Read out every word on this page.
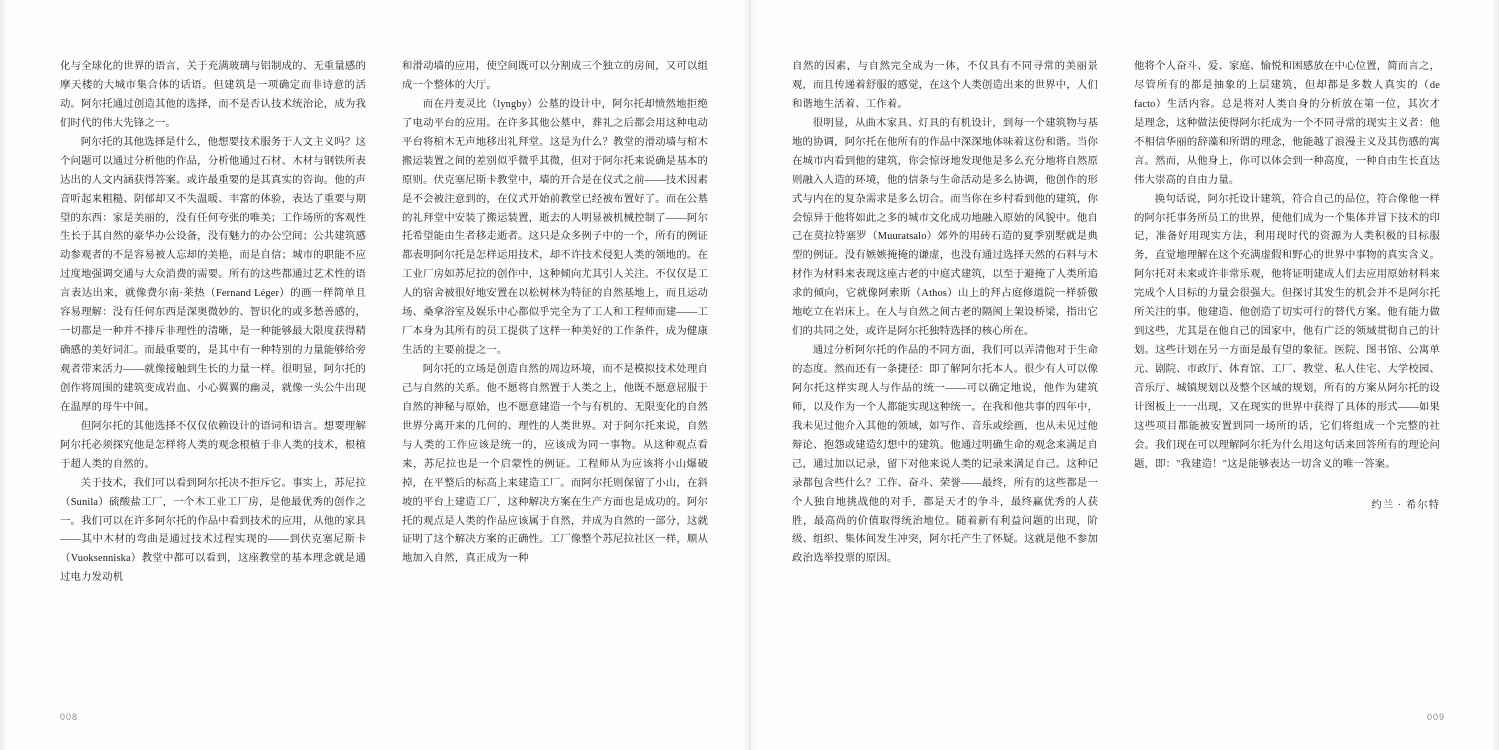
化与全球化的世界的语言，关于充满玻璃与铝制成的、无重量感的摩天楼的大城市集合体的话语。但建筑是一项确定而非诗意的活动。阿尔托通过创造其他的选择，而不是否认技术统治论，成为我们时代的伟大先锋之一。

阿尔托的其他选择是什么，他想要技术服务于人文主义吗？这个问题可以通过分析他的作品，分析他通过石材、木材与钢铁所表达出的人文内涵获得答案。或许最重要的是其真实的咨询。他的声音听起来粗糙、阴郁却又不失温暖、丰富的体验，表达了重要与期望的东西：家是美丽的，没有任何夸张的唯美；工作场所的客观性生长于其自然的豪华办公设备，没有魅力的办公空间；公共建筑感动参观者的不是容易被人忘却的美艳，而是自信；城市的职能不应过度地强调交通与大众消费的需要。所有的这些都通过艺术性的语言表达出来，就像费尔南·莱热（Fernand Léger）的画一样简单且容易理解：没有任何东西是深奥微妙的、智识化的或多愁善感的，一切都是一种并不排斥非理性的清晰，是一种能够最大限度获得精确感的美好词汇。而最重要的，是其中有一种特别的力量能够给旁观者带来活力——就像接触到生长的力量一样。很明显，阿尔托的创作将周围的建筑变成岩血、小心翼翼的幽灵，就像一头公牛出现在温厚的母牛中间。

但阿尔托的其他选择不仅仅依赖设计的语词和语言。想要理解阿尔托必须探究他是怎样将人类的观念根植于非人类的技术，根植于超人类的自然的。

关于技术，我们可以看到阿尔托决不拒斥它。事实上，苏尼拉（Sunila）硫酸盐工厂，一个木工业工厂房，是他最优秀的创作之一。我们可以在许多阿尔托的作品中看到技术的应用，从他的家具——其中木材的弯曲是通过技术过程实现的——到伏克塞尼斯卡（Vuoksenniska）教堂中都可以看到，这座教堂的基本理念就是通过电力发动机

和滑动墙的应用，使空间既可以分割成三个独立的房间，又可以组成一个整体的大厅。

而在丹麦灵比（lyngby）公墓的设计中，阿尔托却愤然地拒绝了电动平台的应用。在许多其他公墓中，葬礼之后都会用这种电动平台将棺木无声地移出礼拜堂。这是为什么？教堂的滑动墙与棺木搬运装置之间的差别似乎微乎其微，但对于阿尔托来说确是基本的原则。伏克塞尼斯卡教堂中，墙的开合是在仪式之前——技术因素是不会被注意到的，在仪式开始前教堂已经被布置好了。而在公墓的礼拜堂中安装了搬运装置，逝去的人明显被机械控制了——阿尔托希望能由生者移走逝者。这只是众多例子中的一个，所有的例证都表明阿尔托是怎样运用技术，却不许技术侵犯人类的领地的。在工业厂房如苏尼拉的创作中，这种倾向尤其引人关注。不仅仅是工人的宿舍被很好地安置在以松树林为特征的自然基地上，而且运动场、桑拿浴室及娱乐中心都似乎完全为了工人和工程师而建——工厂本身为其所有的员工提供了这样一种美好的工作条件，成为健康生活的主要前提之一。

阿尔托的立场是创造自然的周边环境，而不是模拟技术处理自己与自然的关系。他不愿将自然置于人类之上，他既不愿意屈服于自然的神秘与原始，也不愿意建造一个与有机的、无限变化的自然世界分离开来的几何的、理性的人类世界。对于阿尔托来说，自然与人类的工作应该是统一的，应该成为同一事物。从这种观点看来，苏尼拉也是一个启蒙性的例证。工程师从为应该将小山爆破掉，在平整后的标高上来建造工厂。而阿尔托则保留了小山，在斜坡的平台上建造工厂，这种解决方案在生产方面也是成功的。阿尔托的观点是人类的作品应该属于自然，并成为自然的一部分，这就证明了这个解决方案的正确性。工厂像整个苏尼拉社区一样，顺从地加入自然，真正成为一种

008

自然的因素，与自然完全成为一体，不仅具有不同寻常的美丽景观，而且传递着舒服的感觉，在这个人类创造出来的世界中，人们和谐地生活着、工作着。

很明显，从曲木家具、灯具的有机设计，到每一个建筑物与基地的协调，阿尔托在他所有的作品中深深地体味着这份和谐。当你在城市内看到他的建筑，你会惊讶地发现他是多么充分地将自然原则融入人造的环境，他的信条与生命活动是多么协调，他创作的形式与内在的复杂需求是多么切合。而当你在乡村看到他的建筑，你会惊异于他将如此之多的城市文化成功地融入原始的风貌中。他自己在莫拉特塞罗（Muuratsalo）郊外的用砖石造的夏季别墅就是典型的例证。没有嫉嫉掩掩的谦虚，也没有通过选择天然的石料与木材作为材料来表现这座古老的中庭式建筑，以至于避掩了人类所追求的倾向，它就像阿索斯（Athos）山上的拜占庭修道院一样骄傲地屹立在岩床上。在人与自然之间古老的隔阂上架设桥梁，指出它们的共同之处，或许是阿尔托独特选择的核心所在。

通过分析阿尔托的作品的不同方面，我们可以弄清他对于生命的态度。然而还有一条捷径：即了解阿尔托本人。很少有人可以像阿尔托这样实现人与作品的统一——可以确定地说，他作为建筑师，以及作为一个人都能实现这种统一。在我和他共事的四年中，我未见过他介入其他的领域，如写作、音乐或绘画，也从未见过他辩论、抱怨或建造幻想中的建筑。他通过明确生命的观念来满足自己，通过加以记录，留下对他来说人类的记录来满足自己。这种记录都包含些什么？工作、奋斗、荣誉——最终，所有的这些都是一个人独自地挑战他的对手，都是天才的争斗，最终赢优秀的人获胜，最高尚的价值取得统治地位。随着新有利益问题的出现，阶级、组织、集体间发生冲突，阿尔托产生了怀疑。这就是他不参加政治选举投票的原因。

他将个人奋斗、爱、家庭、愉悦和困感放在中心位置，简而言之，尽管所有的都是抽象的上层建筑，但却都是多数人真实的（de facto）生活内容。总是将对人类自身的分析放在第一位，其次才是理念，这种做法使得阿尔托成为一个不同寻常的现实主义者：他不相信华丽的辞藻和所谓的理念，他能越了浪漫主义及其伤感的寓言。然而，从他身上，你可以体会到一种高度，一种自由生长直达伟大崇高的自由力量。

换句话说，阿尔托设计建筑，符合自己的品位，符合像他一样的阿尔托事务所员工的世界，使他们成为一个集体并冒下技术的印记，准备好用现实方法，利用现时代的资源为人类积极的目标服务，直觉地理解在这个充满虚假和野心的世界中事物的真实含义。阿尔托对未来或许非常乐观，他将证明建成人们去应用原始材料来完成个人目标的力量会很强大。但探讨其发生的机会并不是阿尔托所关注的事。他建造、他创造了切实可行的替代方案。他有能力做到这些，尤其是在他自己的国家中，他有广泛的领域贯彻自己的计划。这些计划在另一方面是最有望的象征。医院、图书馆、公寓单元、剧院、市政厅、体育馆、工厂、教堂、私人住宅、大学校园、音乐厅、城镇规划以及整个区域的规划，所有的方案从阿尔托的设计图板上一一出现，又在现实的世界中获得了具体的形式——如果这些项目都能被安置到同一场所的话，它们将组成一个完整的社会。我们现在可以理解阿尔托为什么用这句话来回答所有的理论问题，即："我建造！"这是能够表达一切含义的唯一答案。

约兰 · 希尔特
009
